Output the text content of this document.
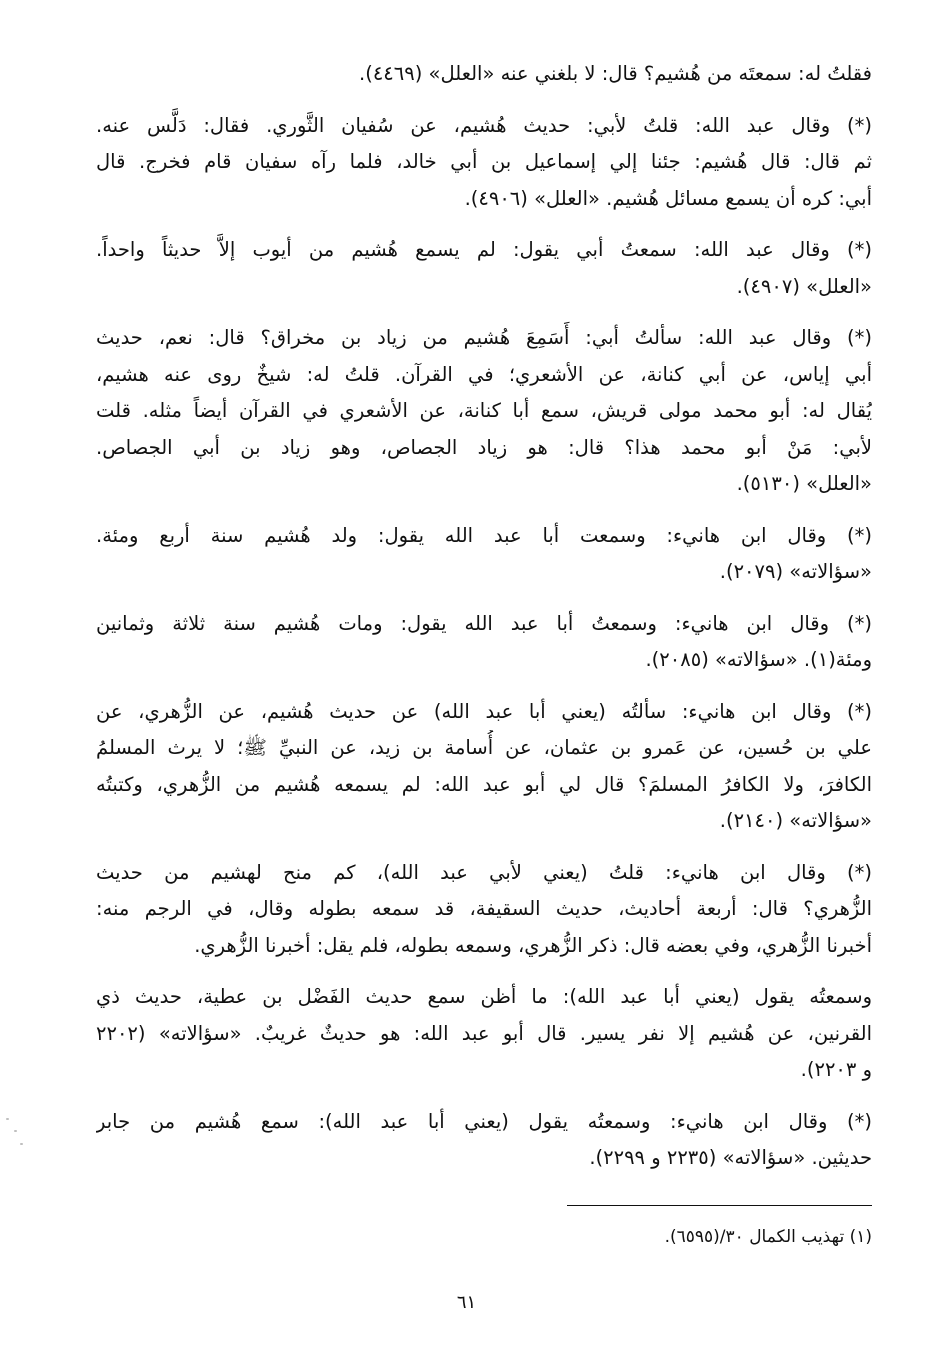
فقلتُ له: سمعتَه من هُشيم؟ قال: لا بلغني عنه «العلل» (٤٤٦٩).
(*) وقال عبد الله: قلتُ لأبي: حديث هُشيم، عن سُفيان الثَّوري. فقال: دَلَّس عنه.
ثم قال: قال هُشيم: جئنا إلي إسماعيل بن أبي خالد، فلما رآه سفيان قام فخرج. قال
أبي: كره أن يسمع مسائل هُشيم. «العلل» (٤٩٠٦).
(*) وقال عبد الله: سمعتُ أبي يقول: لم يسمع هُشيم من أيوب إلاَّ حديثاً واحداً.
«العلل» (٤٩٠٧).
(*) وقال عبد الله: سألتُ أبي: أَسَمِعَ هُشيم من زياد بن مخراق؟ قال: نعم، حديث
أبي إياس، عن أبي كنانة، عن الأشعري؛ في القرآن. قلتُ له: شيخٌ روى عنه هشيم،
يُقال له: أبو محمد مولى قريش، سمع أبا كنانة، عن الأشعري في القرآن أيضاً مثله. قلت
لأبي: مَنْ أبو محمد هذا؟ قال: هو زياد الجصاص، وهو زياد بن أبي الجصاص.
«العلل» (٥١٣٠).
(*) وقال ابن هانيء: وسمعت أبا عبد الله يقول: ولد هُشيم سنة أربع ومئة.
«سؤالاته» (٢٠٧٩).
(*) وقال ابن هانيء: وسمعتُ أبا عبد الله يقول: ومات هُشيم سنة ثلاثة وثمانين
ومئة(١). «سؤالاته» (٢٠٨٥).
(*) وقال ابن هانيء: سألتُه (يعني أبا عبد الله) عن حديث هُشيم، عن الزُّهري، عن
علي بن حُسين، عن عَمرو بن عثمان، عن أُسامة بن زيد، عن النبيِّ ﷺ؛ لا يرث المسلمُ
الكافرَ، ولا الكافرُ المسلمَ؟ قال لي أبو عبد الله: لم يسمعه هُشيم من الزُّهري، وكتبتُه
«سؤالاته» (٢١٤٠).
(*) وقال ابن هانيء: قلتُ (يعني لأبي عبد الله)، كم منح لهشيم من حديث
الزُّهري؟ قال: أربعة أحاديث، حديث السقيفة، قد سمعه بطوله وقال، في الرجم منه:
أخبرنا الزُّهري، وفي بعضه قال: ذكر الزُّهري، وسمعه بطوله، فلم يقل: أخبرنا الزُّهري.
وسمعتُه يقول (يعني أبا عبد الله): ما أظن سمع حديث الفَضْل بن عطية، حديث ذي
القرنين، عن هُشيم إلا نفر يسير. قال أبو عبد الله: هو حديثٌ غريبٌ. «سؤالاته» (٢٢٠٢
و ٢٢٠٣).
(*) وقال ابن هانيء: وسمعتُه يقول (يعني أبا عبد الله): سمع هُشيم من جابر
حديثين. «سؤالاته» (٢٢٣٥ و ٢٢٩٩).
(١) تهذيب الكمال ٣٠/(٦٥٩٥).
٦١
